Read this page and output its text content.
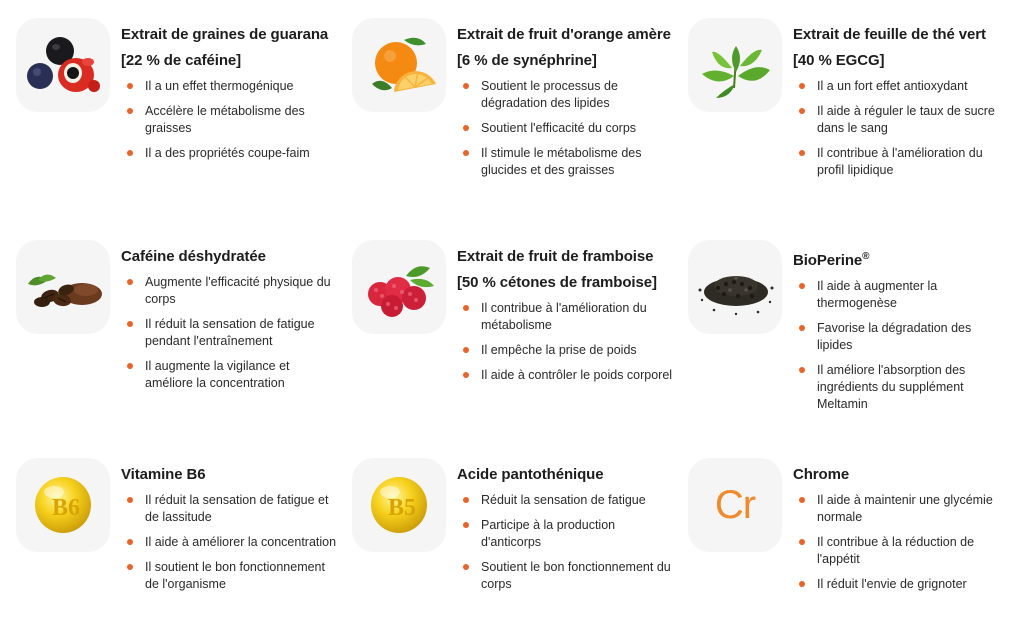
Extrait de graines de guarana [22 % de caféine]
Il a un effet thermogénique
Accélère le métabolisme des graisses
Il a des propriétés coupe-faim
Extrait de fruit d'orange amère [6 % de synéphrine]
Soutient le processus de dégradation des lipides
Soutient l'efficacité du corps
Il stimule le métabolisme des glucides et des graisses
Extrait de feuille de thé vert [40 % EGCG]
Il a un fort effet antioxydant
Il aide à réguler le taux de sucre dans le sang
Il contribue à l'amélioration du profil lipidique
Caféine déshydratée
Augmente l'efficacité physique du corps
Il réduit la sensation de fatigue pendant l'entraînement
Il augmente la vigilance et améliore la concentration
Extrait de fruit de framboise [50 % cétones de framboise]
Il contribue à l'amélioration du métabolisme
Il empêche la prise de poids
Il aide à contrôler le poids corporel
BioPerine®
Il aide à augmenter la thermogenèse
Favorise la dégradation des lipides
Il améliore l'absorption des ingrédients du supplément Meltamin
B6
Vitamine B6
Il réduit la sensation de fatigue et de lassitude
Il aide à améliorer la concentration
Il soutient le bon fonctionnement de l'organisme
B5
Acide pantothénique
Réduit la sensation de fatigue
Participe à la production d'anticorps
Soutient le bon fonctionnement du corps
Cr
Chrome
Il aide à maintenir une glycémie normale
Il contribue à la réduction de l'appétit
Il réduit l'envie de grignoter
